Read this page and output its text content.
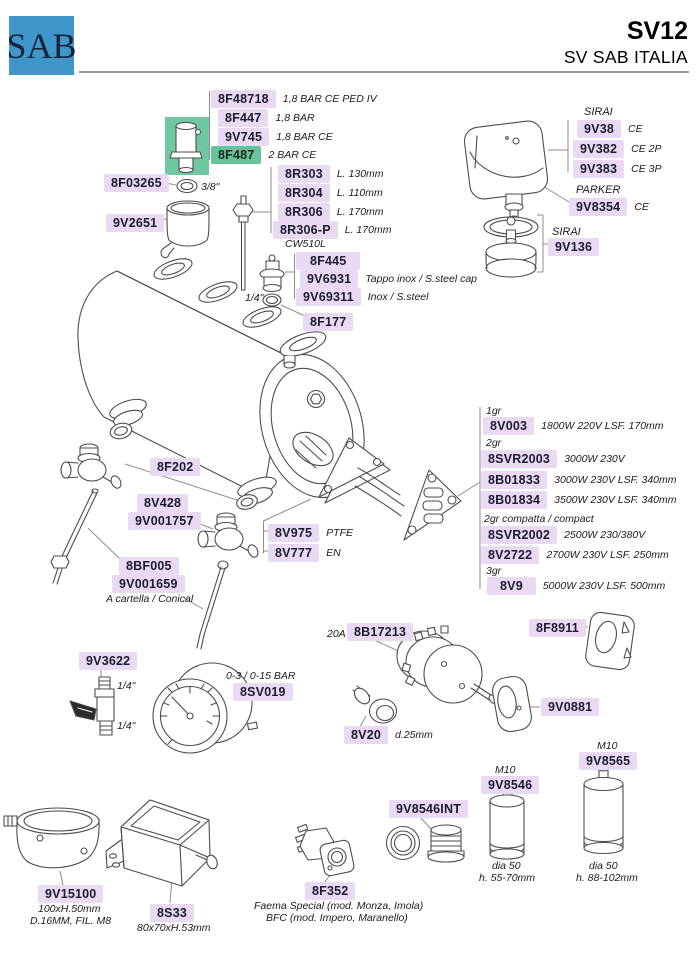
SAB	SV12
SV SAB ITALIA
8F48718	1,8 BAR CE PED IV
8F447	1,8 BAR
9V745	1,8 BAR CE
8F487	2 BAR CE
8F03265	3/8"
9V2651
8R303	L. 130mm
8R304	L. 110mm
8R306	L. 170mm
8R306-P	L. 170mm
CW510L
8F445
9V6931	Tappo inox / S.steel cap
9V69311	Inox / S.steel
1/4"
8F177
SIRAI
9V38	CE
9V382	CE 2P
9V383	CE 3P
PARKER
9V8354	CE
SIRAI
9V136
1gr
8V003	1800W 220V LSF. 170mm
2gr
8SVR2003	3000W 230V
8B01833	3000W 230V LSF. 340mm
8B01834	3500W 230V LSF. 340mm
2gr compatta / compact
8SVR2002	2500W 230/380V
8V2722	2700W 230V LSF. 250mm
3gr
8V9	5000W 230V LSF. 500mm
8F202
8V428
9V001757
8BF005
9V001659
A cartella / Conical
8V975	PTFE
8V777	EN
9V3622
1/4"
1/4"
0-3 / 0-15 BAR
8SV019
20A 8B17213	8F8911
9V0881
8V20	d.25mm
M10
9V8546
dia 50
h. 55-70mm
M10
9V8565
dia 50
h. 88-102mm
9V8546INT
8F352
Faema Special (mod. Monza, Imola)
BFC (mod. Impero, Maranello)
9V15100
100xH.50mm
D.16MM, FIL. M8
8S33
80x70xH.53mm
